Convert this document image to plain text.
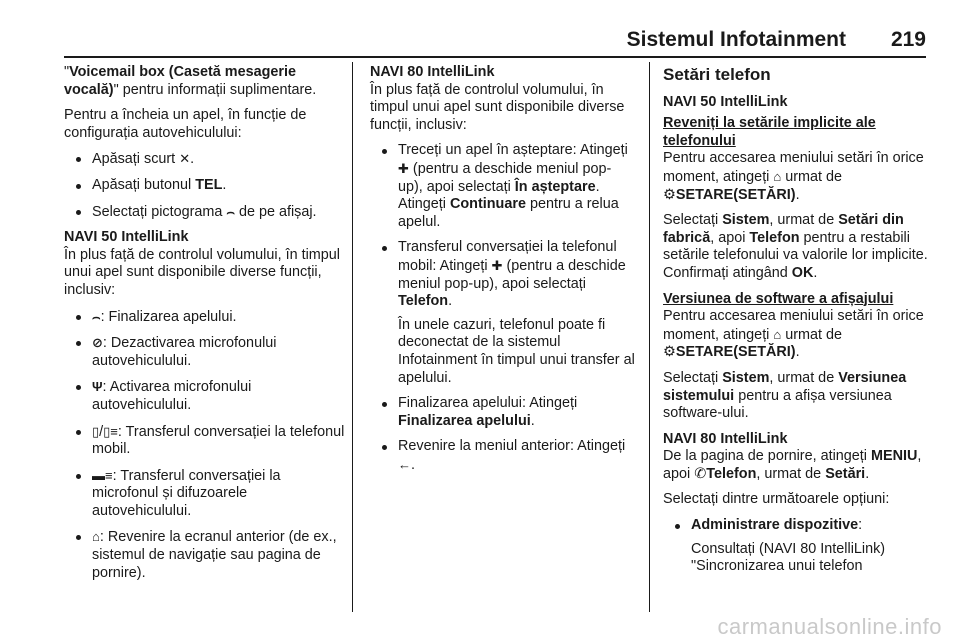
Sistemul Infotainment 219

"Voicemail box (Casetă mesagerie vocală)" pentru informații suplimentare.

Pentru a încheia un apel, în funcție de configurația autovehiculului:

Apăsați scurt ✕.
Apăsați butonul TEL.
Selectați pictograma ⌢ de pe afișaj.

NAVI 50 IntelliLink

În plus față de controlul volumului, în timpul unui apel sunt disponibile diverse funcții, inclusiv:

⌢: Finalizarea apelului.
⊘: Dezactivarea microfonului autovehiculului.
Ψ: Activarea microfonului autovehiculului.
▯/▯≡: Transferul conversației la telefonul mobil.
▬≡: Transferul conversației la microfonul și difuzoarele autovehiculului.
⌂: Revenire la ecranul anterior (de ex., sistemul de navigație sau pagina de pornire).

NAVI 80 IntelliLink

În plus față de controlul volumului, în timpul unui apel sunt disponibile diverse funcții, inclusiv:

Treceți un apel în așteptare: Atingeți ✚ (pentru a deschide meniul pop-up), apoi selectați În așteptare. Atingeți Continuare pentru a relua apelul.

Transferul conversației la telefonul mobil: Atingeți ✚ (pentru a deschide meniul pop-up), apoi selectați Telefon.

În unele cazuri, telefonul poate fi deconectat de la sistemul Infotainment în timpul unui transfer al apelului.

Finalizarea apelului: Atingeți Finalizarea apelului.
Revenire la meniul anterior: Atingeți ←.
Setări telefon

NAVI 50 IntelliLink

Reveniți la setările implicite ale telefonului

Pentru accesarea meniului setări în orice moment, atingeți ⌂ urmat de ⚙SETARE(SETĂRI).

Selectați Sistem, urmat de Setări din fabrică, apoi Telefon pentru a restabili setările telefonului va valorile lor implicite. Confirmați atingând OK.

Versiunea de software a afișajului

Pentru accesarea meniului setări în orice moment, atingeți ⌂ urmat de ⚙SETARE(SETĂRI).

Selectați Sistem, urmat de Versiunea sistemului pentru a afișa versiunea software-ului.

NAVI 80 IntelliLink

De la pagina de pornire, atingeți MENIU, apoi ✆Telefon, urmat de Setări.

Selectați dintre următoarele opțiuni:

Administrare dispozitive:

Consultați (NAVI 80 IntelliLink) "Sincronizarea unui telefon

carmanualsonline.info
